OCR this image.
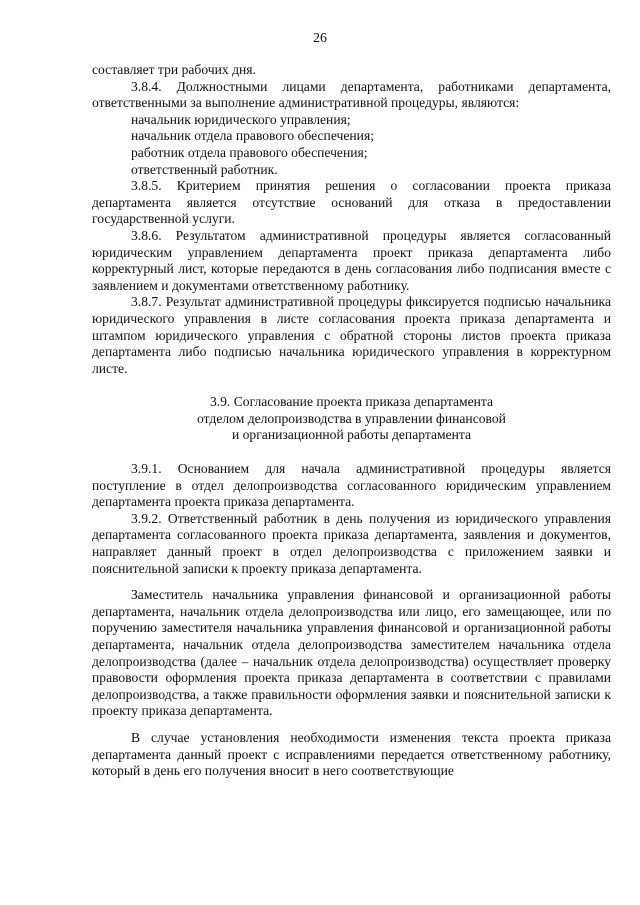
26

составляет три рабочих дня.

3.8.4. Должностными лицами департамента, работниками департамента, ответственными за выполнение административной процедуры, являются:

начальник юридического управления;

начальник отдела правового обеспечения;

работник отдела правового обеспечения;

ответственный работник.

3.8.5. Критерием принятия решения о согласовании проекта приказа департамента является отсутствие оснований для отказа в предоставлении государственной услуги.

3.8.6. Результатом административной процедуры является согласованный юридическим управлением департамента проект приказа департамента либо корректурный лист, которые передаются в день согласования либо подписания вместе с заявлением и документами ответственному работнику.

3.8.7. Результат административной процедуры фиксируется подписью начальника юридического управления в листе согласования проекта приказа департамента и штампом юридического управления с обратной стороны листов проекта приказа департамента либо подписью начальника юридического управления в корректурном листе.

3.9. Согласование проекта приказа департамента
отделом делопроизводства в управлении финансовой
и организационной работы департамента

3.9.1. Основанием для начала административной процедуры является поступление в отдел делопроизводства согласованного юридическим управлением департамента проекта приказа департамента.

3.9.2. Ответственный работник в день получения из юридического управления департамента согласованного проекта приказа департамента, заявления и документов, направляет данный проект в отдел делопроизводства с приложением заявки и пояснительной записки к проекту приказа департамента.

Заместитель начальника управления финансовой и организационной работы департамента, начальник отдела делопроизводства или лицо, его замещающее, или по поручению заместителя начальника управления финансовой и организационной работы департамента, начальник отдела делопроизводства заместителем начальника отдела делопроизводства (далее – начальник отдела делопроизводства) осуществляет проверку правовости оформления проекта приказа департамента в соответствии с правилами делопроизводства, а также правильности оформления заявки и пояснительной записки к проекту приказа департамента.

В случае установления необходимости изменения текста проекта приказа департамента данный проект с исправлениями передается ответственному работнику, который в день его получения вносит в него соответствующие
